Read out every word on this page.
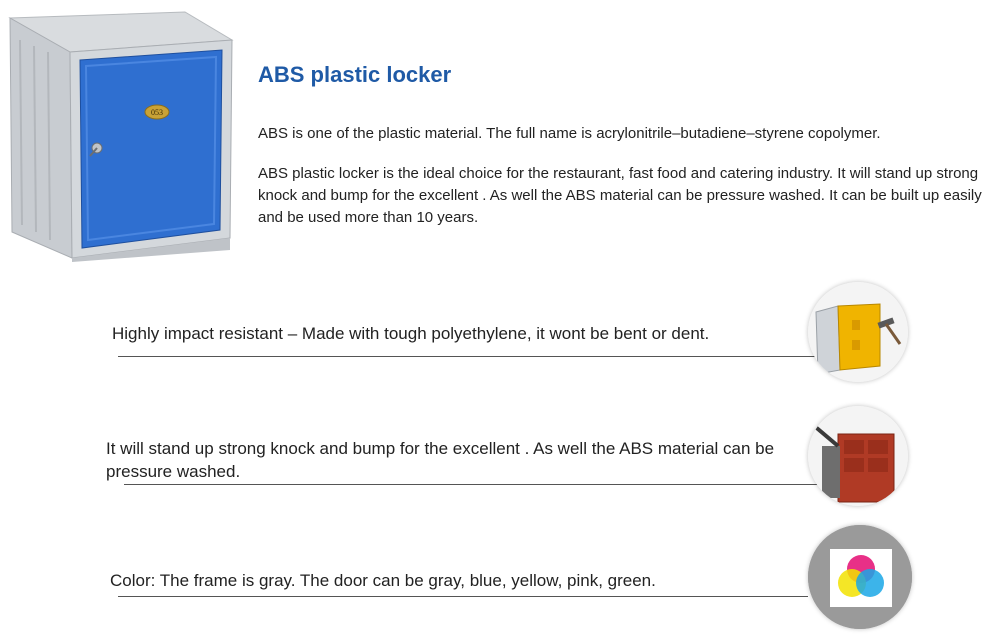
053
ABS plastic locker
ABS is one of the plastic material. The full name is acrylonitrile–butadiene–styrene copolymer.
ABS plastic locker is the ideal choice for the restaurant, fast food and catering industry. It will stand up strong knock and bump for the excellent . As well the ABS material can be pressure washed. It can be built up easily and be used more than 10 years.
Highly impact resistant – Made with tough polyethylene, it wont be bent or dent.
It will stand up strong knock and bump for the excellent . As well the ABS material can be pressure washed.
Color: The frame is gray. The door can be gray, blue, yellow, pink, green.
